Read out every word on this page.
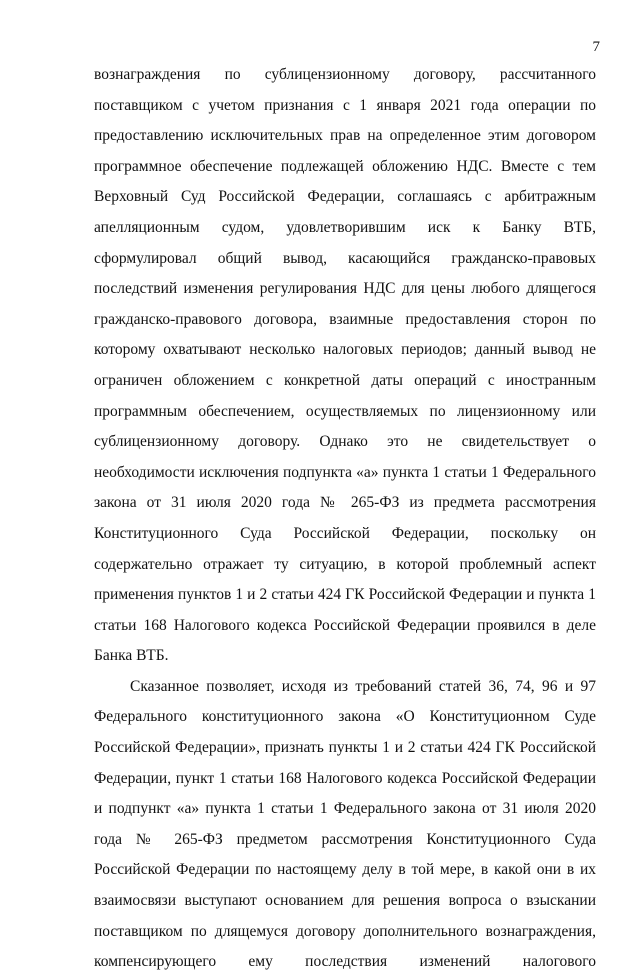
7
вознаграждения по сублицензионному договору, рассчитанного
поставщиком с учетом признания с 1 января 2021 года операции по
предоставлению исключительных прав на определенное этим договором
программное обеспечение подлежащей обложению НДС. Вместе с тем
Верховный Суд Российской Федерации, соглашаясь с арбитражным
апелляционным судом, удовлетворившим иск к Банку ВТБ,
сформулировал общий вывод, касающийся гражданско-правовых
последствий изменения регулирования НДС для цены любого длящегося
гражданско-правового договора, взаимные предоставления сторон по
которому охватывают несколько налоговых периодов; данный вывод не
ограничен обложением с конкретной даты операций с иностранным
программным обеспечением, осуществляемых по лицензионному или
сублицензионному договору. Однако это не свидетельствует о
необходимости исключения подпункта «а» пункта 1 статьи 1 Федерального
закона от 31 июля 2020 года № 265-ФЗ из предмета рассмотрения
Конституционного Суда Российской Федерации, поскольку он
содержательно отражает ту ситуацию, в которой проблемный аспект
применения пунктов 1 и 2 статьи 424 ГК Российской Федерации и пункта 1
статьи 168 Налогового кодекса Российской Федерации проявился в деле
Банка ВТБ.
Сказанное позволяет, исходя из требований статей 36, 74, 96 и 97
Федерального конституционного закона «О Конституционном Суде
Российской Федерации», признать пункты 1 и 2 статьи 424 ГК Российской
Федерации, пункт 1 статьи 168 Налогового кодекса Российской Федерации
и подпункт «а» пункта 1 статьи 1 Федерального закона от 31 июля 2020
года № 265-ФЗ предметом рассмотрения Конституционного Суда
Российской Федерации по настоящему делу в той мере, в какой они в их
взаимосвязи выступают основанием для решения вопроса о взыскании
поставщиком по длящемуся договору дополнительного вознаграждения,
компенсирующего ему последствия изменений налогового
